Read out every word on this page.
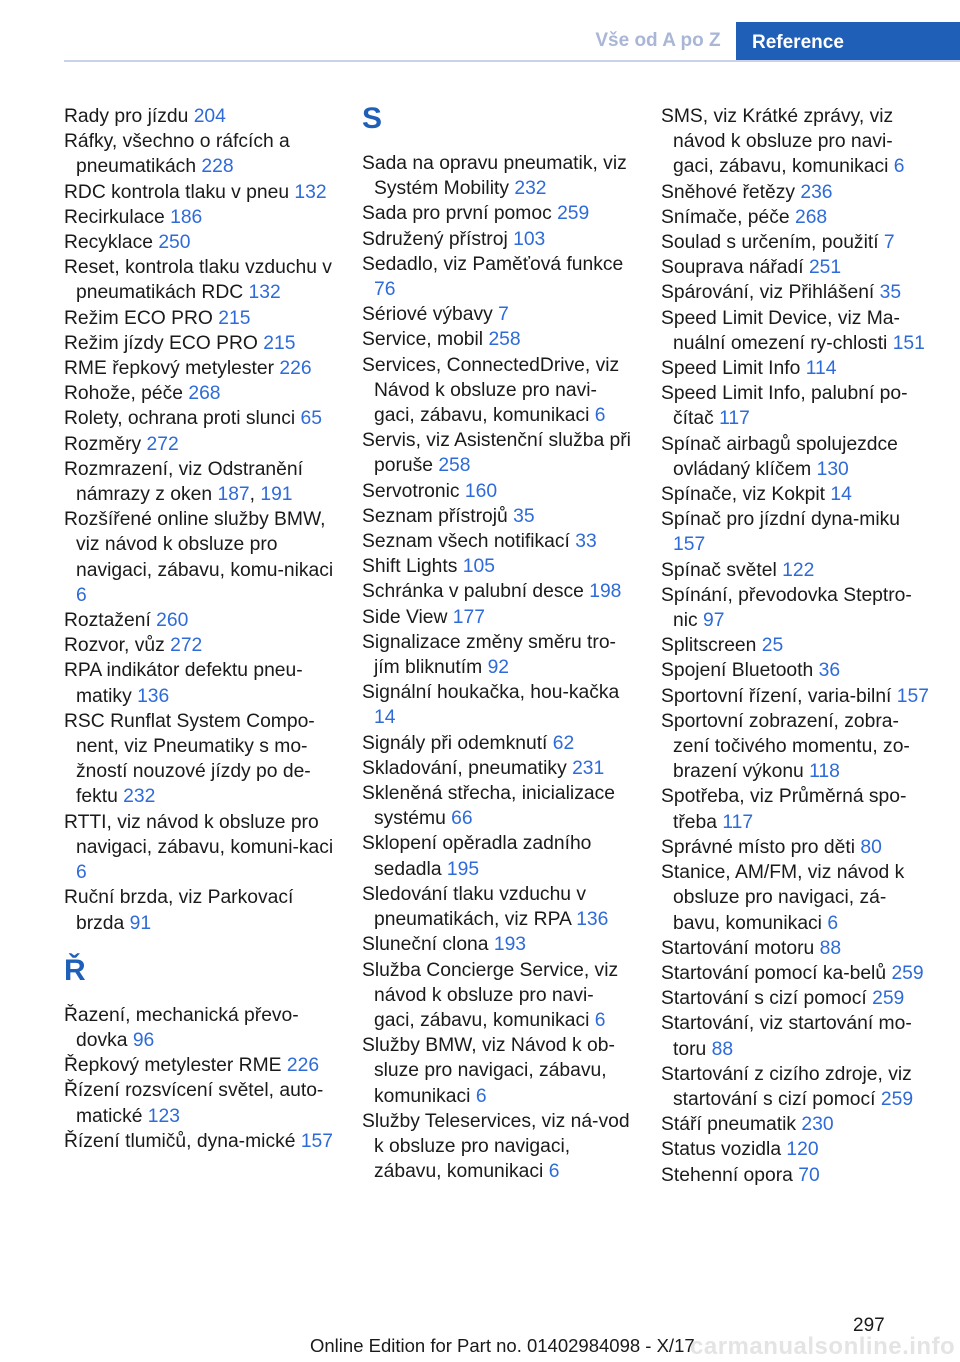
Vše od A po Z	Reference
Rady pro jízdu 204
Ráfky, všechno o ráfcích a pneumatikách 228
RDC kontrola tlaku v pneu 132
Recirkulace 186
Recyklace 250
Reset, kontrola tlaku vzduchu v pneumatikách RDC 132
Režim ECO PRO 215
Režim jízdy ECO PRO 215
RME řepkový metylester 226
Rohože, péče 268
Rolety, ochrana proti slunci 65
Rozměry 272
Rozmrazení, viz Odstranění námrazy z oken 187, 191
Rozšířené online služby BMW, viz návod k obsluze pro navigaci, zábavu, komu‐nikaci 6
Roztažení 260
Rozvor, vůz 272
RPA indikátor defektu pneu‐matiky 136
RSC Runflat System Compo‐nent, viz Pneumatiky s mo‐žností nouzové jízdy po de‐fektu 232
RTTI, viz návod k obsluze pro navigaci, zábavu, komuni‐kaci 6
Ruční brzda, viz Parkovací brzda 91
Ř
Řazení, mechanická převo‐dovka 96
Řepkový metylester RME 226
Řízení rozsvícení světel, auto‐matické 123
Řízení tlumičů, dyna‐mické 157
S
Sada na opravu pneumatik, viz Systém Mobility 232
Sada pro první pomoc 259
Sdružený přístroj 103
Sedadlo, viz Paměťová funkce 76
Sériové výbavy 7
Service, mobil 258
Services, ConnectedDrive, viz Návod k obsluze pro navi‐gaci, zábavu, komunikaci 6
Servis, viz Asistenční služba při poruše 258
Servotronic 160
Seznam přístrojů 35
Seznam všech notifikací 33
Shift Lights 105
Schránka v palubní desce 198
Side View 177
Signalizace změny směru tro‐jím bliknutím 92
Signální houkačka, hou‐kačka 14
Signály při odemknutí 62
Skladování, pneumatiky 231
Skleněná střecha, inicializace systému 66
Sklopení opěradla zadního sedadla 195
Sledování tlaku vzduchu v pneumatikách, viz RPA 136
Sluneční clona 193
Služba Concierge Service, viz návod k obsluze pro navi‐gaci, zábavu, komunikaci 6
Služby BMW, viz Návod k ob‐sluze pro navigaci, zábavu, komunikaci 6
Služby Teleservices, viz ná‐vod k obsluze pro navigaci, zábavu, komunikaci 6
SMS, viz Krátké zprávy, viz návod k obsluze pro navi‐gaci, zábavu, komunikaci 6
Sněhové řetězy 236
Snímače, péče 268
Soulad s určením, použití 7
Souprava nářadí 251
Spárování, viz Přihlášení 35
Speed Limit Device, viz Ma‐nuální omezení ry‐chlosti 151
Speed Limit Info 114
Speed Limit Info, palubní po‐čítač 117
Spínač airbagů spolujezdce ovládaný klíčem 130
Spínače, viz Kokpit 14
Spínač pro jízdní dyna‐miku 157
Spínač světel 122
Spínání, převodovka Steptro‐nic 97
Splitscreen 25
Spojení Bluetooth 36
Sportovní řízení, varia‐bilní 157
Sportovní zobrazení, zobra‐zení točivého momentu, zo‐brazení výkonu 118
Spotřeba, viz Průměrná spo‐třeba 117
Správné místo pro děti 80
Stanice, AM/FM, viz návod k obsluze pro navigaci, zá‐bavu, komunikaci 6
Startování motoru 88
Startování pomocí ka‐belů 259
Startování s cizí pomocí 259
Startování, viz startování mo‐toru 88
Startování z cizího zdroje, viz startování s cizí pomocí 259
Stáří pneumatik 230
Status vozidla 120
Stehenní opora 70
297
Online Edition for Part no. 01402984098 - X/17
carmanualsonline.info
